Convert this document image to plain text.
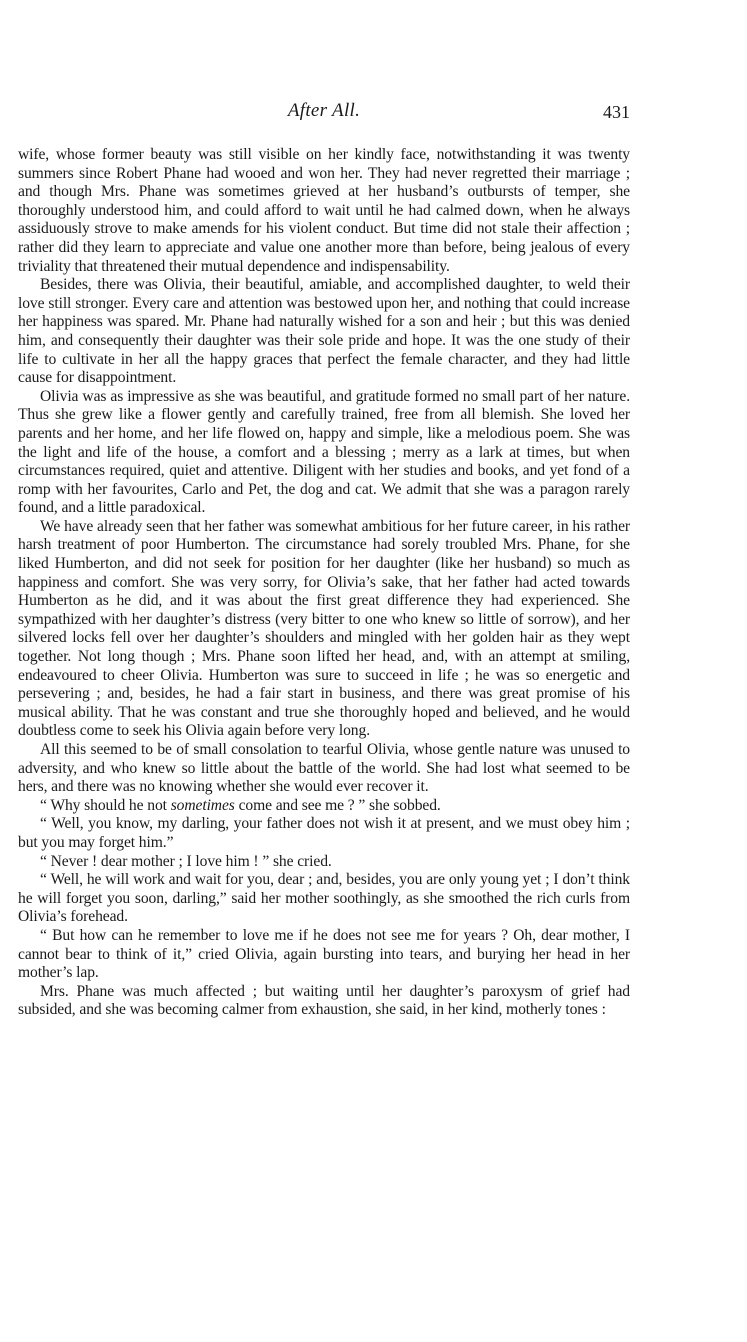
After All.	431

wife, whose former beauty was still visible on her kindly face, notwithstanding it was twenty summers since Robert Phane had wooed and won her. They had never regretted their marriage ; and though Mrs. Phane was sometimes grieved at her husband’s outbursts of temper, she thoroughly understood him, and could afford to wait until he had calmed down, when he always assiduously strove to make amends for his violent conduct. But time did not stale their affection ; rather did they learn to appreciate and value one another more than before, being jealous of every triviality that threatened their mutual dependence and indispensability.

Besides, there was Olivia, their beautiful, amiable, and accomplished daughter, to weld their love still stronger. Every care and attention was bestowed upon her, and nothing that could increase her happiness was spared. Mr. Phane had naturally wished for a son and heir ; but this was denied him, and consequently their daughter was their sole pride and hope. It was the one study of their life to cultivate in her all the happy graces that perfect the female character, and they had little cause for disappointment.

Olivia was as impressive as she was beautiful, and gratitude formed no small part of her nature. Thus she grew like a flower gently and carefully trained, free from all blemish. She loved her parents and her home, and her life flowed on, happy and simple, like a melodious poem. She was the light and life of the house, a comfort and a blessing ; merry as a lark at times, but when circumstances required, quiet and attentive. Diligent with her studies and books, and yet fond of a romp with her favourites, Carlo and Pet, the dog and cat. We admit that she was a paragon rarely found, and a little paradoxical.

We have already seen that her father was somewhat ambitious for her future career, in his rather harsh treatment of poor Humberton. The circumstance had sorely troubled Mrs. Phane, for she liked Humberton, and did not seek for position for her daughter (like her husband) so much as happiness and comfort. She was very sorry, for Olivia’s sake, that her father had acted towards Humberton as he did, and it was about the first great difference they had experienced. She sympathized with her daughter’s distress (very bitter to one who knew so little of sorrow), and her silvered locks fell over her daughter’s shoulders and mingled with her golden hair as they wept together. Not long though ; Mrs. Phane soon lifted her head, and, with an attempt at smiling, endeavoured to cheer Olivia. Humberton was sure to succeed in life ; he was so energetic and persevering ; and, besides, he had a fair start in business, and there was great promise of his musical ability. That he was constant and true she thoroughly hoped and believed, and he would doubtless come to seek his Olivia again before very long.

All this seemed to be of small consolation to tearful Olivia, whose gentle nature was unused to adversity, and who knew so little about the battle of the world. She had lost what seemed to be hers, and there was no knowing whether she would ever recover it.

“ Why should he not sometimes come and see me ? ” she sobbed.

“ Well, you know, my darling, your father does not wish it at present, and we must obey him ; but you may forget him.”

“ Never ! dear mother ; I love him ! ” she cried.

“ Well, he will work and wait for you, dear ; and, besides, you are only young yet ; I don’t think he will forget you soon, darling,” said her mother soothingly, as she smoothed the rich curls from Olivia’s forehead.

“ But how can he remember to love me if he does not see me for years ? Oh, dear mother, I cannot bear to think of it,” cried Olivia, again bursting into tears, and burying her head in her mother’s lap.

Mrs. Phane was much affected ; but waiting until her daughter’s paroxysm of grief had subsided, and she was becoming calmer from exhaustion, she said, in her kind, motherly tones :
